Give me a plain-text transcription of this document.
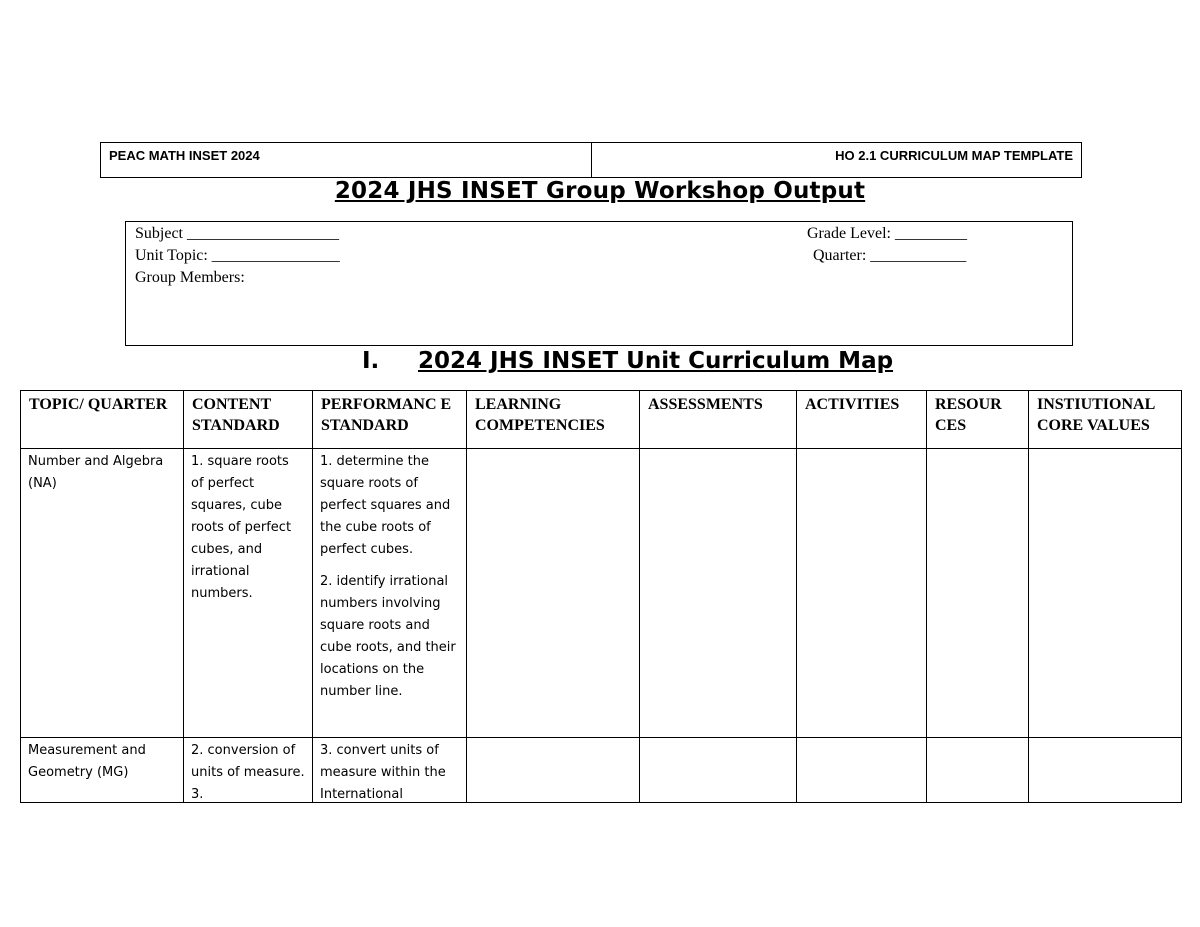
PEAC MATH INSET 2024	HO 2.1 CURRICULUM MAP TEMPLATE
2024 JHS INSET Group Workshop Output
Subject ___________________
Unit Topic: ________________
Group Members:
Grade Level: _________
Quarter: ____________
I. 2024 JHS INSET Unit Curriculum Map
TOPIC/ QUARTER	CONTENT STANDARD	PERFORMANC E STANDARD	LEARNING COMPETENCIES	ASSESSMENTS	ACTIVITIES	RESOUR CES	INSTIUTIONAL CORE VALUES
Number and Algebra (NA)	1. square roots of perfect squares, cube roots of perfect cubes, and irrational numbers.	1. determine the square roots of perfect squares and the cube roots of perfect cubes.
2. identify irrational numbers involving square roots and cube roots, and their locations on the number line.					

Measurement and Geometry (MG)	2. conversion of units of measure. 3.	3. convert units of measure within the International					
